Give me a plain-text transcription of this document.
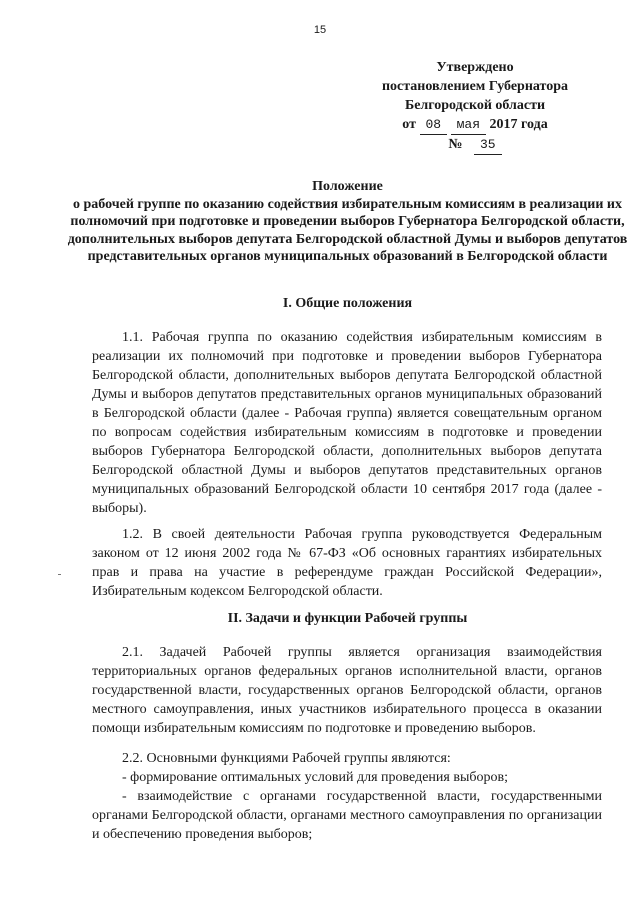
15
Утверждено
постановлением Губернатора
Белгородской области
от 08 мая 2017 года
№ 35
Положение
о рабочей группе по оказанию содействия избирательным комиссиям в реализации их полномочий при подготовке и проведении выборов Губернатора Белгородской области, дополнительных выборов депутата Белгородской областной Думы и выборов депутатов представительных органов муниципальных образований в Белгородской области
I. Общие положения
1.1. Рабочая группа по оказанию содействия избирательным комиссиям в реализации их полномочий при подготовке и проведении выборов Губернатора Белгородской области, дополнительных выборов депутата Белгородской областной Думы и выборов депутатов представительных органов муниципальных образований в Белгородской области (далее - Рабочая группа) является совещательным органом по вопросам содействия избирательным комиссиям в подготовке и проведении выборов Губернатора Белгородской области, дополнительных выборов депутата Белгородской областной Думы и выборов депутатов представительных органов муниципальных образований Белгородской области 10 сентября 2017 года (далее - выборы).
1.2. В своей деятельности Рабочая группа руководствуется Федеральным законом от 12 июня 2002 года № 67-ФЗ «Об основных гарантиях избирательных прав и права на участие в референдуме граждан Российской Федерации», Избирательным кодексом Белгородской области.
II. Задачи и функции Рабочей группы
2.1. Задачей Рабочей группы является организация взаимодействия территориальных органов федеральных органов исполнительной власти, органов государственной власти, государственных органов Белгородской области, органов местного самоуправления, иных участников избирательного процесса в оказании помощи избирательным комиссиям по подготовке и проведению выборов.
2.2. Основными функциями Рабочей группы являются:
- формирование оптимальных условий для проведения выборов;
- взаимодействие с органами государственной власти, государственными органами Белгородской области, органами местного самоуправления по организации и обеспечению проведения выборов;
